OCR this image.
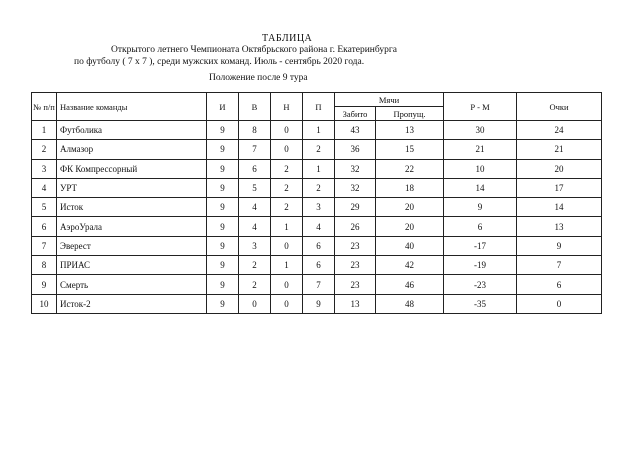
ТАБЛИЦА
Открытого летнего Чемпионата Октябрьского района г. Екатеринбурга
по футболу ( 7 х 7 ), среди мужских команд. Июль - сентябрь 2020 года.
Положение после 9 тура
№ п/п	Название команды	И	В	Н	П	Мячи		Р - М	Очки
						Забито	Пропущ.		
1	Футболика	9	8	0	1	43	13	30	24
2	Алмазор	9	7	0	2	36	15	21	21
3	ФК Компрессорный	9	6	2	1	32	22	10	20
4	УРТ	9	5	2	2	32	18	14	17
5	Исток	9	4	2	3	29	20	9	14
6	АэроУрала	9	4	1	4	26	20	6	13
7	Эверест	9	3	0	6	23	40	-17	9
8	ПРИАС	9	2	1	6	23	42	-19	7
9	Смерть	9	2	0	7	23	46	-23	6
10	Исток-2	9	0	0	9	13	48	-35	0
